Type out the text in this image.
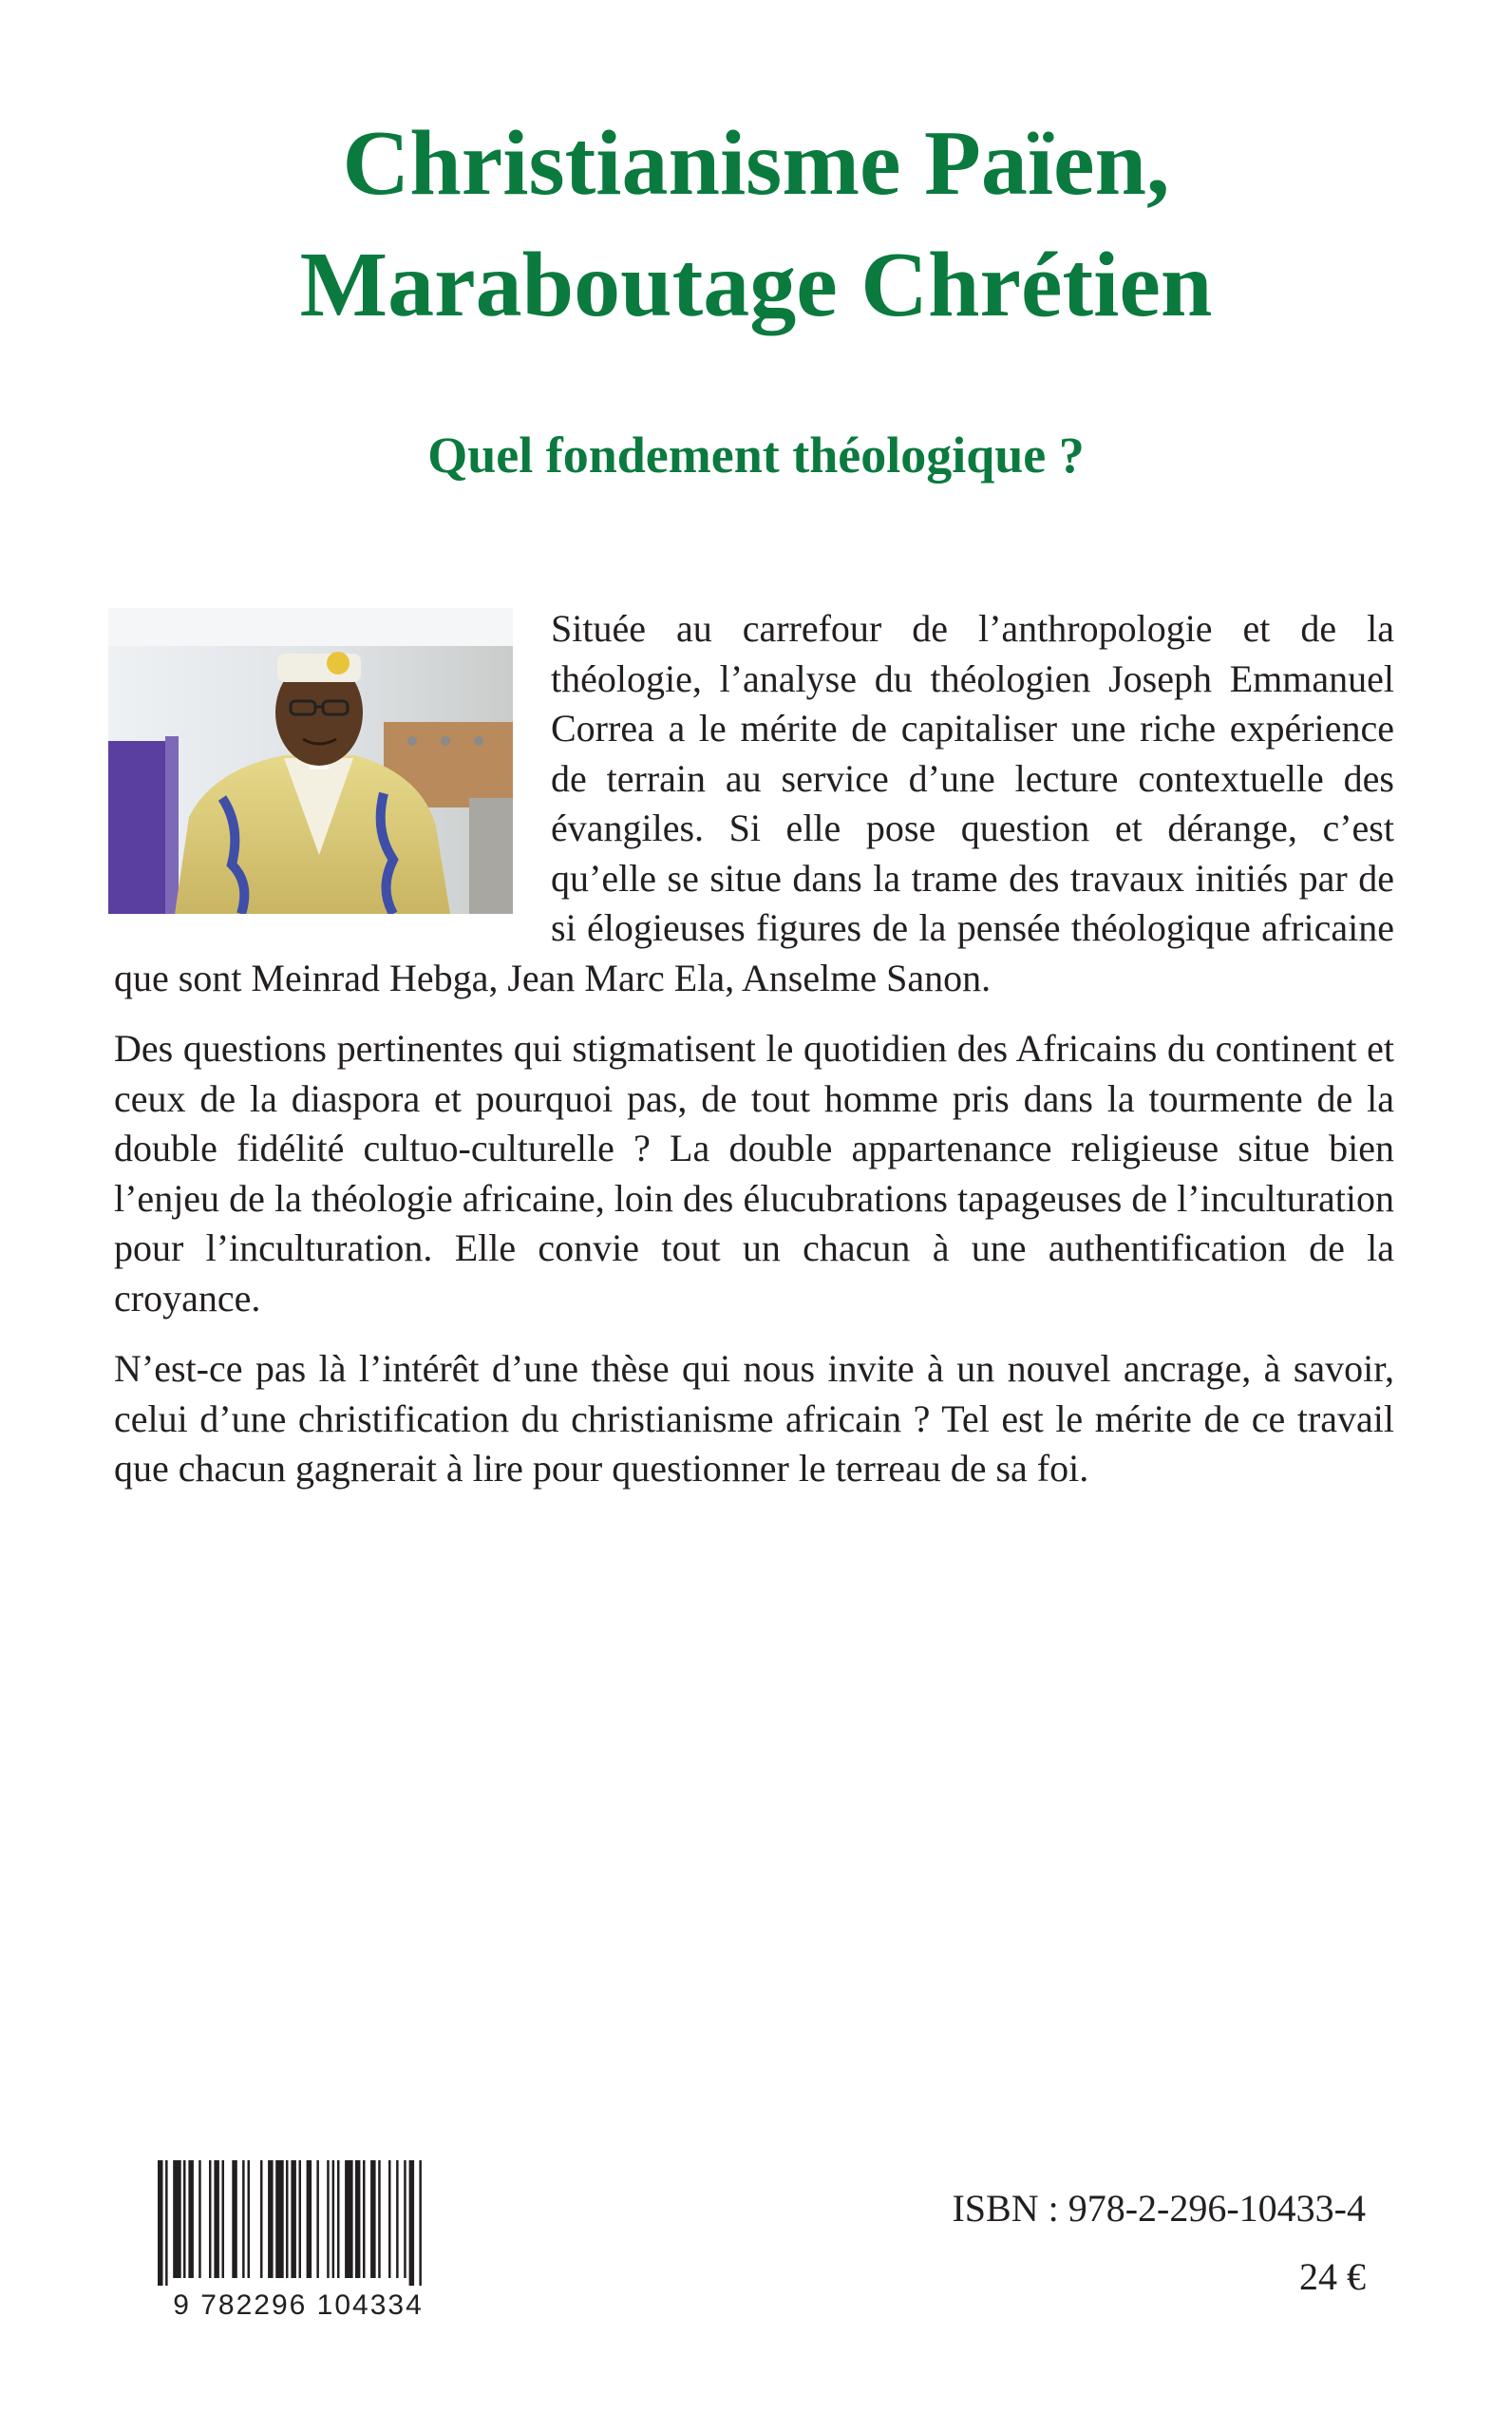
Christianisme Païen,
Maraboutage Chrétien
Quel fondement théologique ?

Située au carrefour de l’anthropologie et de la théologie, l’analyse du théologien Joseph Emmanuel Correa a le mérite de capitaliser une riche expérience de terrain au service d’une lecture contextuelle des évangiles. Si elle pose question et dérange, c’est qu’elle se situe dans la trame des travaux initiés par de si élogieuses figures de la pensée théologique africaine que sont Meinrad Hebga, Jean Marc Ela, Anselme Sanon.

Des questions pertinentes qui stigmatisent le quotidien des Africains du continent et ceux de la diaspora et pourquoi pas, de tout homme pris dans la tourmente de la double fidélité cultuo-culturelle ? La double appartenance religieuse situe bien l’enjeu de la théologie africaine, loin des élucubrations tapageuses de l’inculturation pour l’inculturation. Elle convie tout un chacun à une authentification de la croyance.

N’est-ce pas là l’intérêt d’une thèse qui nous invite à un nouvel ancrage, à savoir, celui d’une christification du christianisme africain ? Tel est le mérite de ce travail que chacun gagnerait à lire pour questionner le terreau de sa foi.

9 782296 104334
ISBN : 978-2-296-10433-4
24 €
